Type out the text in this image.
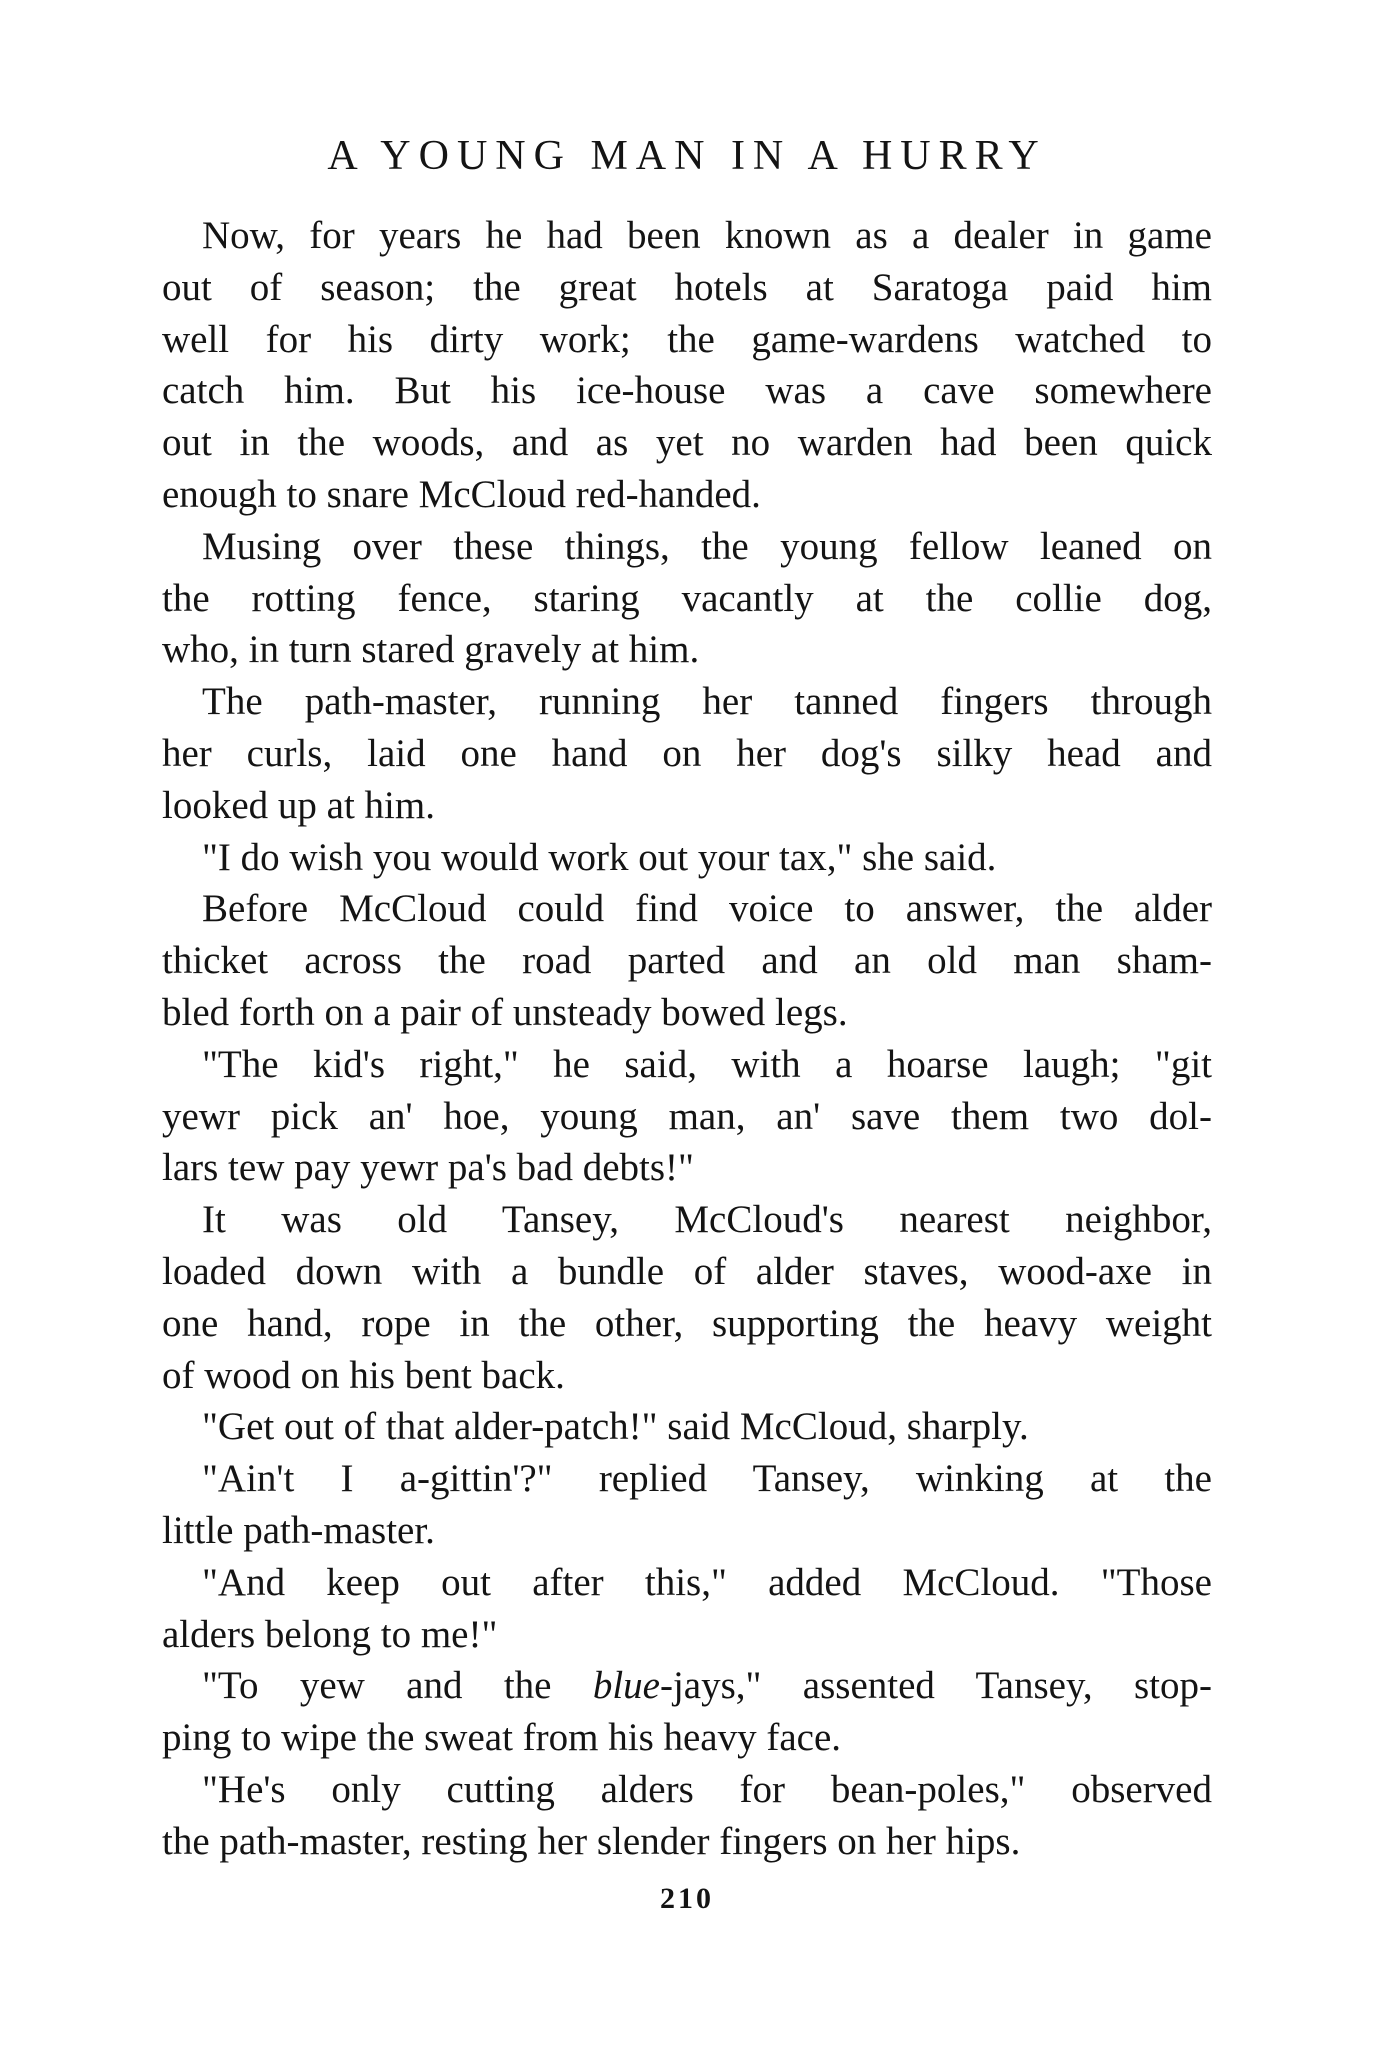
A YOUNG MAN IN A HURRY
Now, for years he had been known as a dealer in game
out of season; the great hotels at Saratoga paid him
well for his dirty work; the game-wardens watched to
catch him. But his ice-house was a cave somewhere
out in the woods, and as yet no warden had been quick
enough to snare McCloud red-handed.
Musing over these things, the young fellow leaned on
the rotting fence, staring vacantly at the collie dog,
who, in turn stared gravely at him.
The path-master, running her tanned fingers through
her curls, laid one hand on her dog's silky head and
looked up at him.
"I do wish you would work out your tax," she said.
Before McCloud could find voice to answer, the alder
thicket across the road parted and an old man sham-
bled forth on a pair of unsteady bowed legs.
"The kid's right," he said, with a hoarse laugh; "git
yewr pick an' hoe, young man, an' save them two dol-
lars tew pay yewr pa's bad debts!"
It was old Tansey, McCloud's nearest neighbor,
loaded down with a bundle of alder staves, wood-axe in
one hand, rope in the other, supporting the heavy weight
of wood on his bent back.
"Get out of that alder-patch!" said McCloud, sharply.
"Ain't I a-gittin'?" replied Tansey, winking at the
little path-master.
"And keep out after this," added McCloud. "Those
alders belong to me!"
"To yew and the blue-jays," assented Tansey, stop-
ping to wipe the sweat from his heavy face.
"He's only cutting alders for bean-poles," observed
the path-master, resting her slender fingers on her hips.
210
